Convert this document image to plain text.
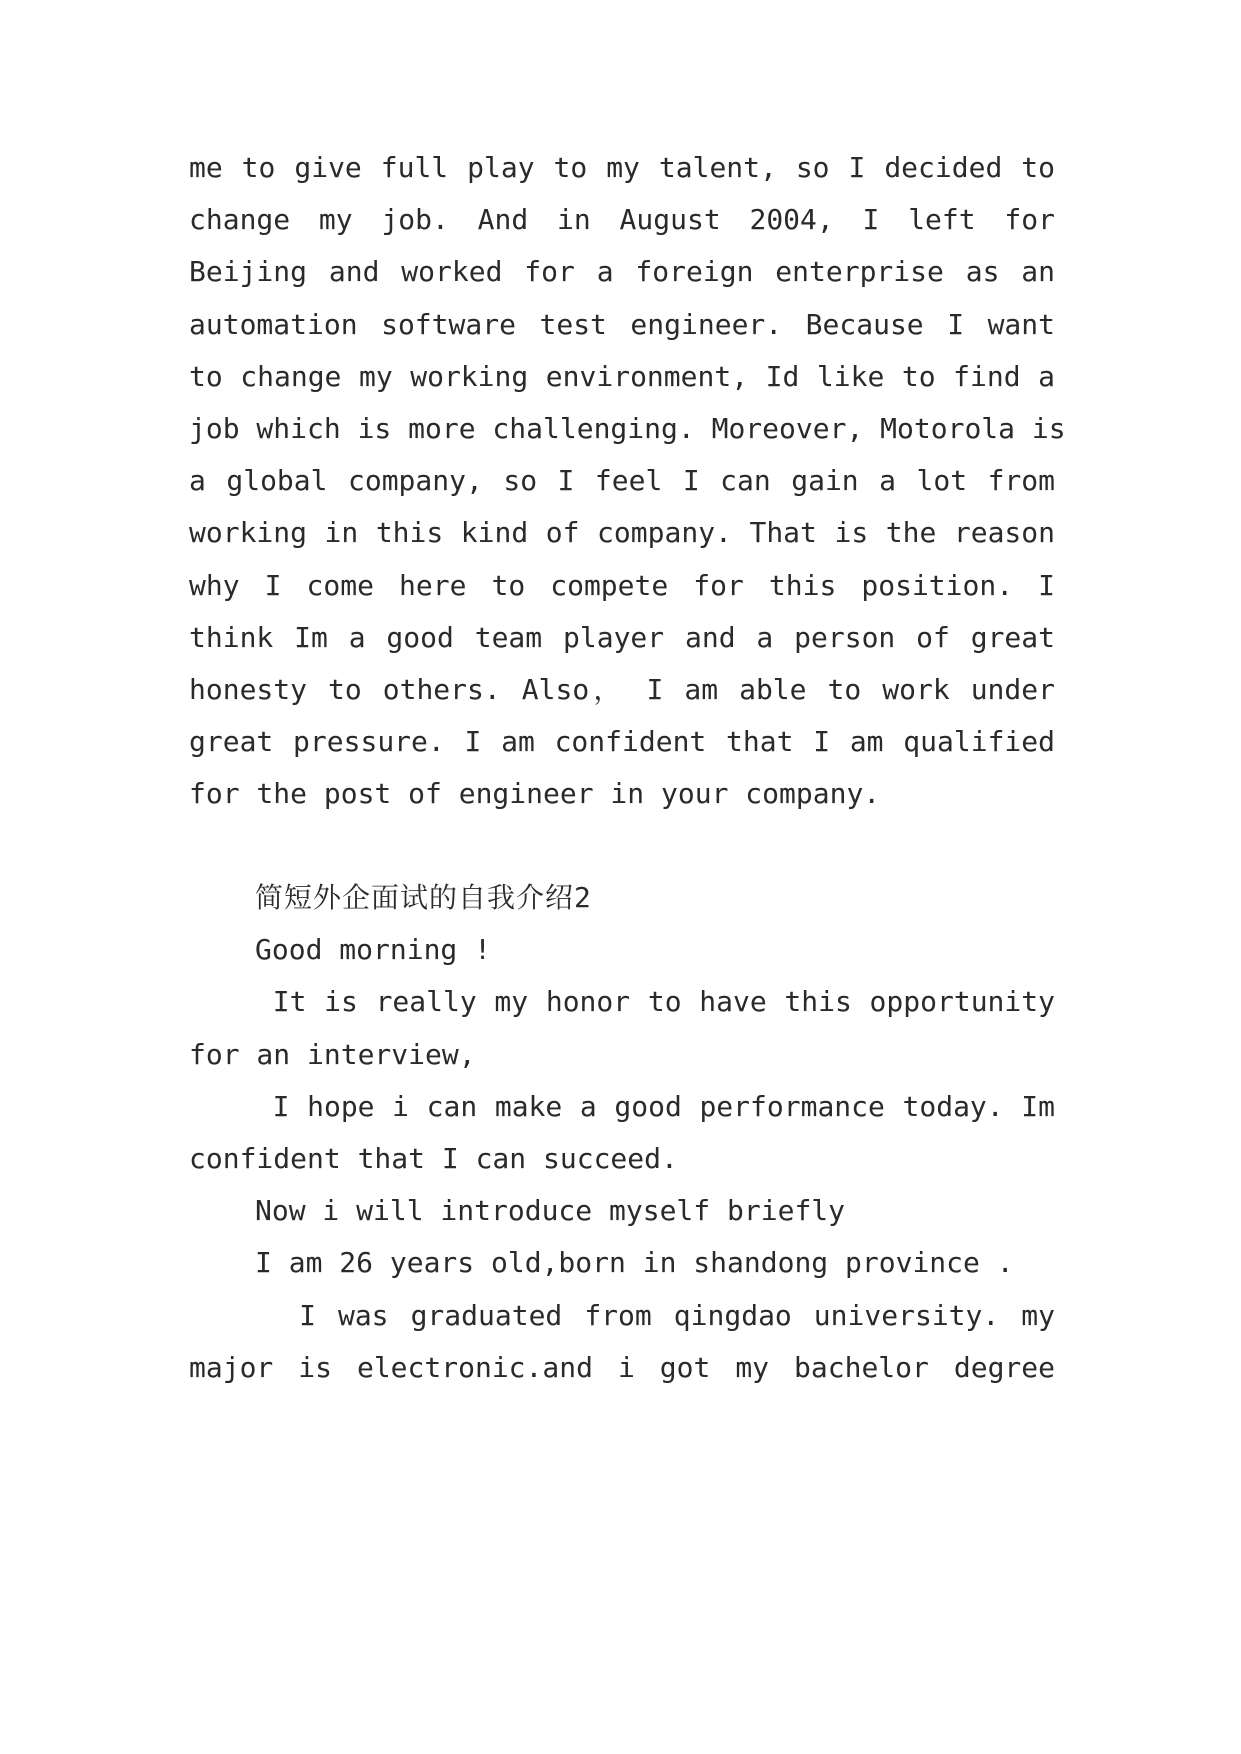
me to give full play to my talent, so I decided to
change my job. And in August 2004, I left for
Beijing and worked for a foreign enterprise as an
automation software test engineer. Because I want
to change my working environment, Id like to find a
job which is more challenging. Moreover, Motorola is
a global company, so I feel I can gain a lot from
working in this kind of company. That is the reason
why I come here to compete for this position. I
think Im a good team player and a person of great
honesty to others. Also， I am able to work under
great pressure. I am confident that I am qualified
for the post of engineer in your company.
简短外企面试的自我介绍2
Good morning !
It is really my honor to have this opportunity
for an interview,
I hope i can make a good performance today. Im
confident that I can succeed.
Now i will introduce myself briefly
I am 26 years old,born in shandong province .
I was graduated from qingdao university. my
major is electronic.and i got my bachelor degree
